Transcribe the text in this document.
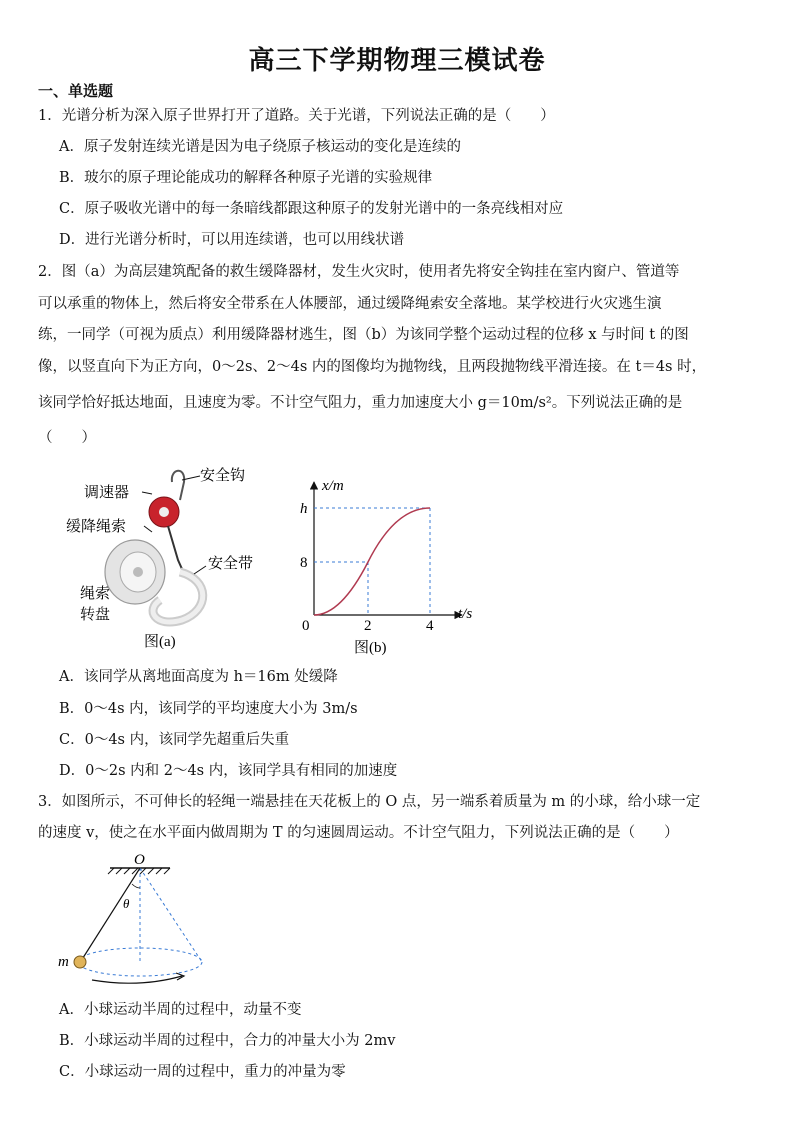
高三下学期物理三模试卷
一、单选题
1．光谱分析为深入原子世界打开了道路。关于光谱，下列说法正确的是（　　）
A．原子发射连续光谱是因为电子绕原子核运动的变化是连续的
B．玻尔的原子理论能成功的解释各种原子光谱的实验规律
C．原子吸收光谱中的每一条暗线都跟这种原子的发射光谱中的一条亮线相对应
D．进行光谱分析时，可以用连续谱，也可以用线状谱
2．图（a）为高层建筑配备的救生缓降器材，发生火灾时，使用者先将安全钩挂在室内窗户、管道等
可以承重的物体上，然后将安全带系在人体腰部，通过缓降绳索安全落地。某学校进行火灾逃生演
练，一同学（可视为质点）利用缓降器材逃生，图（b）为该同学整个运动过程的位移 x 与时间 t 的图
像，以竖直向下为正方向，0～2s、2～4s 内的图像均为抛物线，且两段抛物线平滑连接。在 t＝4s 时，
该同学恰好抵达地面，且速度为零。不计空气阻力，重力加速度大小 g＝10m/s²。下列说法正确的是
（　　）
安全钩
调速器
缓降绳索
安全带
绳索
转盘
图(a)
x/m
t/s
h
8
0	2	4
图(b)
A．该同学从离地面高度为 h＝16m 处缓降
B．0～4s 内，该同学的平均速度大小为 3m/s
C．0～4s 内，该同学先超重后失重
D．0～2s 内和 2～4s 内，该同学具有相同的加速度
3．如图所示，不可伸长的轻绳一端悬挂在天花板上的 O 点，另一端系着质量为 m 的小球，给小球一定
的速度 v，使之在水平面内做周期为 T 的匀速圆周运动。不计空气阻力，下列说法正确的是（　　）
O
θ
m
A．小球运动半周的过程中，动量不变
B．小球运动半周的过程中，合力的冲量大小为 2mv
C．小球运动一周的过程中，重力的冲量为零
